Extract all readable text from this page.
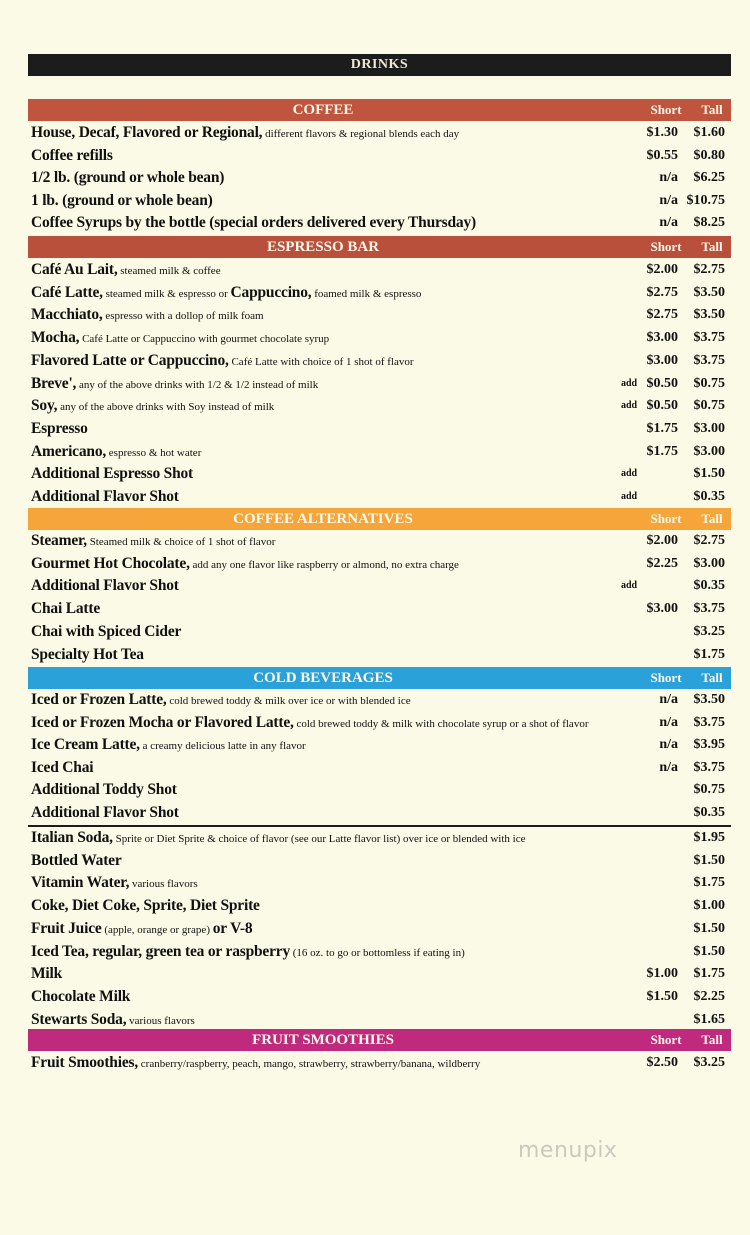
DRINKS
COFFEE	Short	Tall
House, Decaf, Flavored or Regional, different flavors & regional blends each day	$1.30 $1.60
Coffee refills	$0.55 $0.80
1/2 lb. (ground or whole bean)	n/a $6.25
1 lb. (ground or whole bean)	n/a $10.75
Coffee Syrups by the bottle (special orders delivered every Thursday)	n/a $8.25
ESPRESSO BAR	Short	Tall
Café Au Lait, steamed milk & coffee	$2.00 $2.75
Café Latte, steamed milk & espresso or Cappuccino, foamed milk & espresso	$2.75 $3.50
Macchiato, espresso with a dollop of milk foam	$2.75 $3.50
Mocha, Café Latte or Cappuccino with gourmet chocolate syrup	$3.00 $3.75
Flavored Latte or Cappuccino, Café Latte with choice of 1 shot of flavor	$3.00 $3.75
Breve', any of the above drinks with 1/2 & 1/2 instead of milk	add $0.50 $0.75
Soy, any of the above drinks with Soy instead of milk	add $0.50 $0.75
Espresso	$1.75 $3.00
Americano, espresso & hot water	$1.75 $3.00
Additional Espresso Shot	add	$1.50
Additional Flavor Shot	add	$0.35
COFFEE ALTERNATIVES	Short	Tall
Steamer, Steamed milk & choice of 1 shot of flavor	$2.00 $2.75
Gourmet Hot Chocolate, add any one flavor like raspberry or almond, no extra charge	$2.25 $3.00
Additional Flavor Shot	add	$0.35
Chai Latte	$3.00 $3.75
Chai with Spiced Cider	$3.25
Specialty Hot Tea	$1.75
COLD BEVERAGES	Short	Tall
Iced or Frozen Latte, cold brewed toddy & milk over ice or with blended ice	n/a $3.50
Iced or Frozen Mocha or Flavored Latte, cold brewed toddy & milk with chocolate syrup or a shot of flavor	n/a $3.75
Ice Cream Latte, a creamy delicious latte in any flavor	n/a $3.95
Iced Chai	n/a $3.75
Additional Toddy Shot	$0.75
Additional Flavor Shot	$0.35
Italian Soda, Sprite or Diet Sprite & choice of flavor (see our Latte flavor list) over ice or blended with ice	$1.95
Bottled Water	$1.50
Vitamin Water, various flavors	$1.75
Coke, Diet Coke, Sprite, Diet Sprite	$1.00
Fruit Juice (apple, orange or grape) or V-8	$1.50
Iced Tea, regular, green tea or raspberry (16 oz. to go or bottomless if eating in)	$1.50
Milk	$1.00 $1.75
Chocolate Milk	$1.50 $2.25
Stewarts Soda, various flavors	$1.65
FRUIT SMOOTHIES	Short	Tall
Fruit Smoothies, cranberry/raspberry, peach, mango, strawberry, strawberry/banana, wildberry	$2.50 $3.25
menupix
